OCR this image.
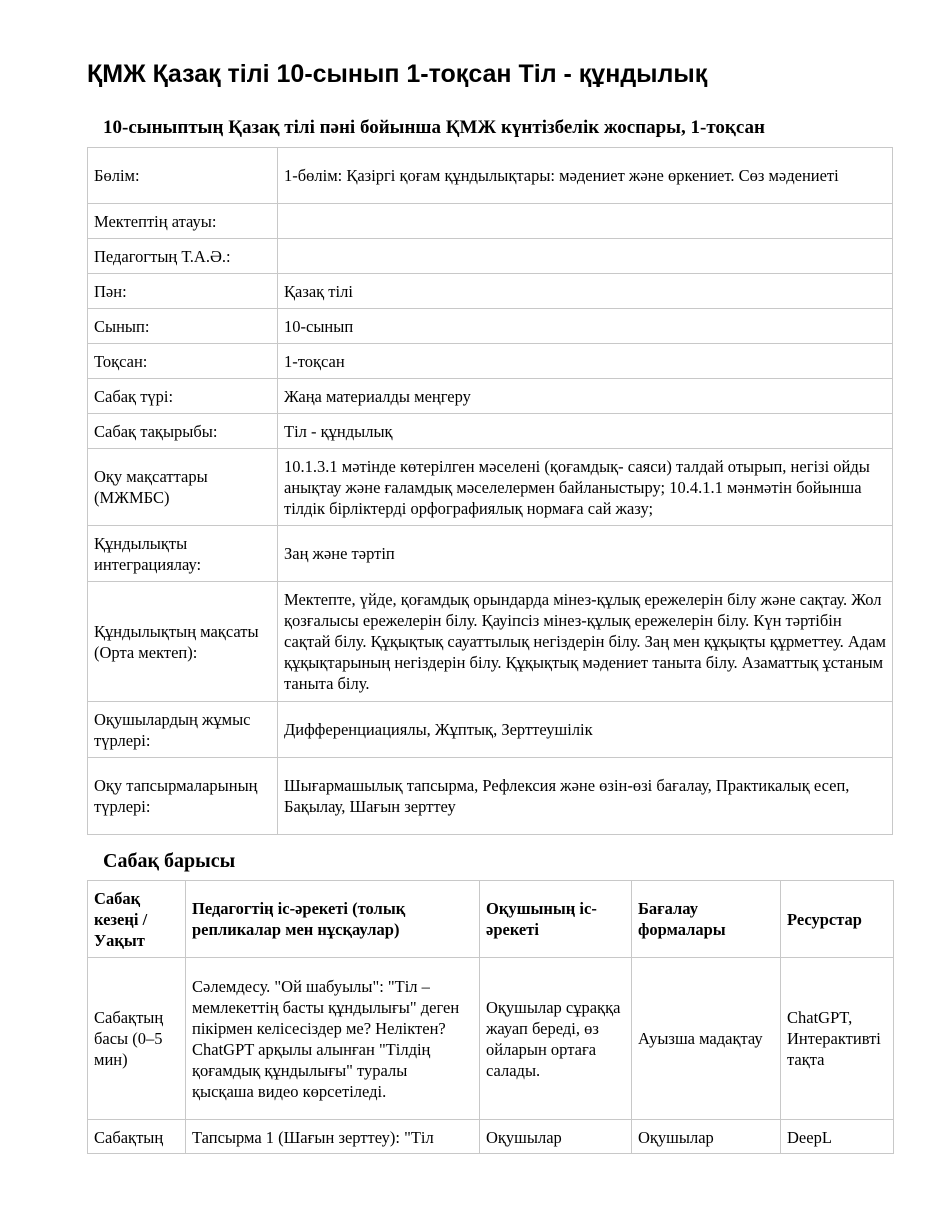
ҚМЖ Қазақ тілі 10-сынып 1-тоқсан Тіл - құндылық
10-сыныптың Қазақ тілі пәні бойынша ҚМЖ күнтізбелік жоспары, 1-тоқсан
Бөлім:	1-бөлім: Қазіргі қоғам құндылықтары: мәдениет және өркениет. Сөз мәдениеті
Мектептің атауы:	
Педагогтың Т.А.Ә.:	
Пән:	Қазақ тілі
Сынып:	10-сынып
Тоқсан:	1-тоқсан
Сабақ түрі:	Жаңа материалды меңгеру
Сабақ тақырыбы:	Тіл - құндылық
Оқу мақсаттары (МЖМБС)	10.1.3.1 мәтінде көтерілген мәселені (қоғамдық- саяси) талдай отырып, негізі ойды анықтау және ғаламдық мәселелермен байланыстыру; 10.4.1.1 мәнмәтін бойынша тілдік бірліктерді орфографиялық нормаға сай жазу;
Құндылықты интеграциялау:	Заң және тәртіп
Құндылықтың мақсаты (Орта мектеп):	Мектепте, үйде, қоғамдық орындарда мінез-құлық ережелерін білу және сақтау. Жол қозғалысы ережелерін білу. Қауіпсіз мінез-құлық ережелерін білу. Күн тәртібін сақтай білу. Құқықтық сауаттылық негіздерін білу. Заң мен құқықты құрметтеу. Адам құқықтарының негіздерін білу. Құқықтық мәдениет таныта білу. Азаматтық ұстаным таныта білу.
Оқушылардың жұмыс түрлері:	Дифференциациялы, Жұптық, Зерттеушілік
Оқу тапсырмаларының түрлері:	Шығармашылық тапсырма, Рефлексия және өзін-өзі бағалау, Практикалық есеп, Бақылау, Шағын зерттеу
Сабақ барысы
Сабақ кезеңі / Уақыт	Педагогтің іс-әрекеті (толық репликалар мен нұсқаулар)	Оқушының іс-әрекеті	Бағалау формалары	Ресурстар
Сабақтың басы (0–5 мин)	Сәлемдесу. "Ой шабуылы": "Тіл – мемлекеттің басты құндылығы" деген пікірмен келісесіздер ме? Неліктен? ChatGPT арқылы алынған "Тілдің қоғамдық құндылығы" туралы қысқаша видео көрсетіледі.	Оқушылар сұраққа жауап береді, өз ойларын ортаға салады.	Ауызша мадақтау	ChatGPT, Интерактивті тақта
Сабақтың	Тапсырма 1 (Шағын зерттеу): "Тіл	Оқушылар	Оқушылар	DeepL
